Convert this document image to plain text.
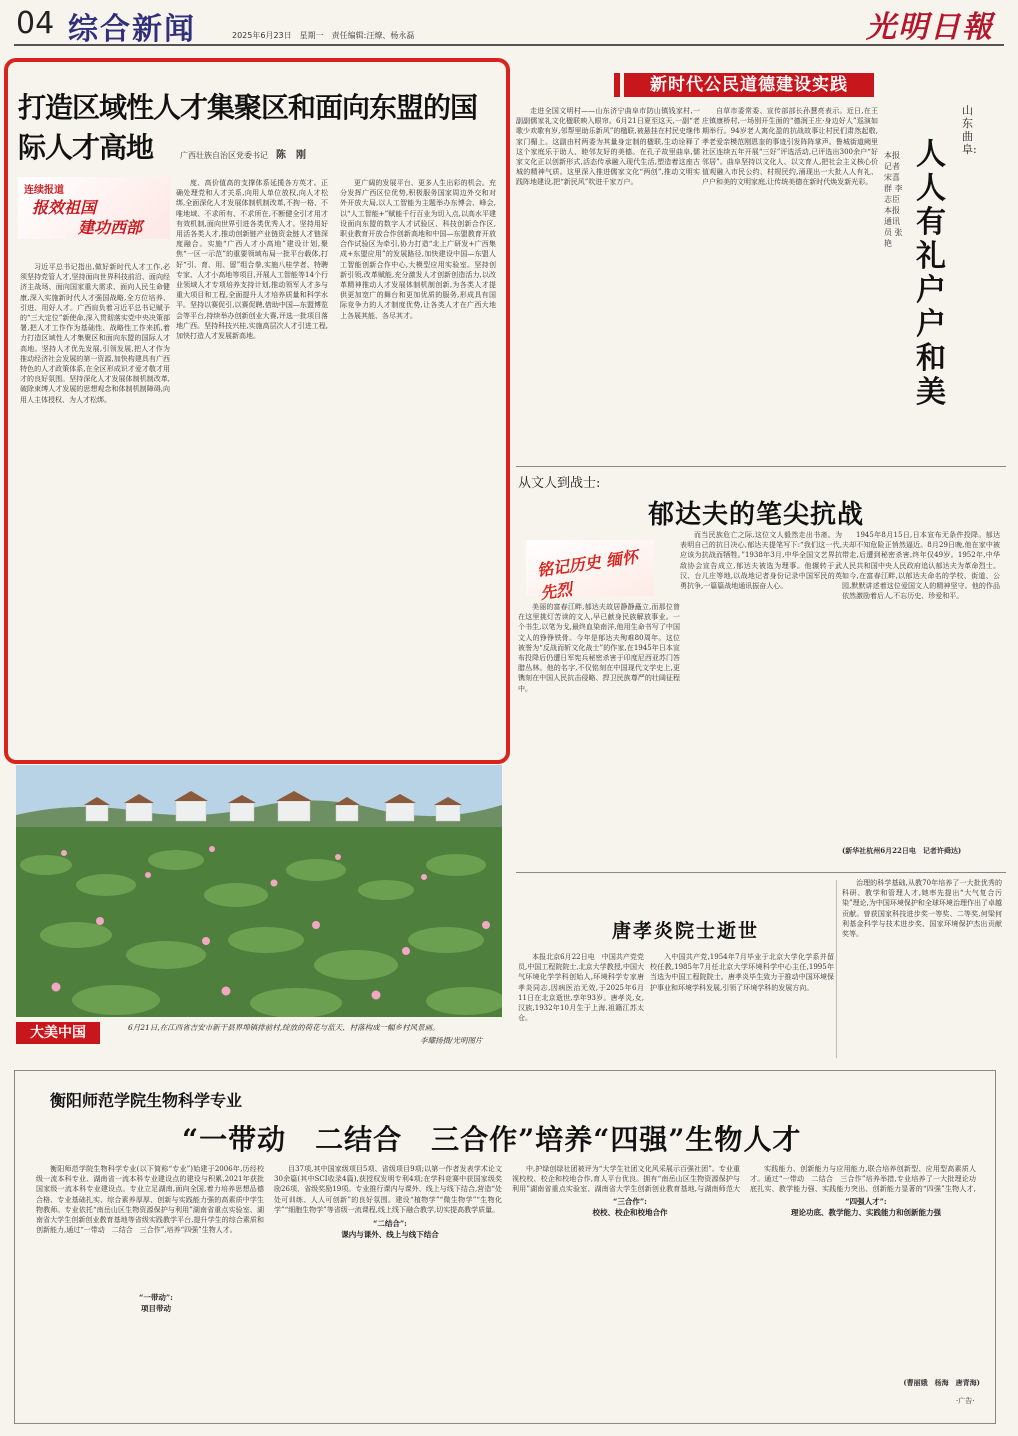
04 综合新闻	2025年6月23日　星期一　责任编辑:汪燎、杨永磊	光明日報
打造区域性人才集聚区和面向东盟的国际人才高地	广西壮族自治区党委书记 陈　刚
连续报道
报效祖国
建功西部

习近平总书记指出,做好新时代人才工作,必须坚持党管人才,坚持面向世界科技前沿、面向经济主战场、面向国家重大需求、面向人民生命健康,深入实施新时代人才强国战略,全方位培养、引进、用好人才。广西肩负着习近平总书记赋予的“三大定位”新使命,深入贯彻落实党中央决策部署,把人才工作作为基础性、战略性工作来抓,着力打造区域性人才集聚区和面向东盟的国际人才高地。坚持人才优先发展,引领发展,把人才作为推动经济社会发展的第一资源,加快构建具有广西特色的人才政策体系,在全区形成识才爱才敬才用才的良好氛围。坚持深化人才发展体制机制改革,破除束缚人才发展的思想观念和体制机制障碍,向用人主体授权、为人才松绑。

度、高价值高的支撑体系延揽各方英才。正确处理党和人才关系,向用人单位放权,向人才松绑,全面深化人才发展体制机制改革,不拘一格、不唯地域、不求所有、不求所在,不断健全引才用才有效机制,面向世界引进各类优秀人才。坚持用好用活各类人才,推动创新链产业链资金链人才链深度融合。实施“广西人才小高地”建设计划,聚焦“一区一示范”的重要领域布局一批平台载体,打好“引、育、用、留”组合拳,实施八桂学者、特聘专家、人才小高地等项目,开展人工智能等14个行业领域人才专项培养支持计划,推动领军人才多与重大项目和工程,全面提升人才培养质量和科学水平。坚持以赛促引,以赛促聘,借助中国—东盟博览会等平台,持续举办创新创业大赛,评选一批项目落地广西。坚持科技兴桂,实施高层次人才引进工程,加快打造人才发展新高地。

更广阔的发展平台、更多人生出彩的机会。充分发挥广西区位优势,积极服务国家周边外交和对外开放大局,以人工智能为主题举办东博会、峰会,以“人工智能+”赋能千行百业为切入点,以高水平建设面向东盟的数字人才试验区、科技创新合作区,职业教育开放合作创新高地和中国—东盟教育开放合作试验区为牵引,协力打造“北上广研发+广西集成+东盟应用”的发展路径,加快建设中国—东盟人工智能创新合作中心,大模型应用实验室。坚持创新引领,改革赋能,充分激发人才创新创造活力,以改革精神推动人才发展体制机制创新,为各类人才提供更加宽广的舞台和更加优质的服务,形成具有国际竞争力的人才制度优势,让各类人才在广西大地上各展其能、各尽其才。

新时代公民道德建设实践
山东曲阜:
人人有礼　户户和美
本报记者 宋喜群 李志臣 本报通讯员 张艳

走进全国文明村——山东济宁曲阜市防山镇钱家村,一副副儒家礼文化楹联映入眼帘。6月21日夏至这天,一副“老歌少欢歌有岁,邻帮里助乐新风”的楹联,被悬挂在村民史继伟家门楣上。这副由村两委为其量身定制的楹联,生动诠释了这个家庭乐于助人、睦邻友好的美德。在孔子故里曲阜,儒家文化正以创新形式,活态传承融入现代生活,塑造着这座古城的精神气质。这里深入推进儒家文化“两创”,推动文明实践阵地建设,把“新民风”吹进千家万户。

自草市委常委、宣传部部长孙慧亮表示。近日,在王庄镇康桥村,一场别开生面的“德润王庄·身边好人”巡演如期举行。94岁老人寓化盈的抗战故事让村民们肃然起敬,孝老爱亲模范刚恩奎的事迹引发阵阵掌声。鲁城街道阙里社区连续五年开展“三好”评选活动,已评选出300余户“好邻居”。曲阜坚持以文化人、以文育人,把社会主义核心价值观融入市民公约、村规民约,涌现出一大批人人有礼、户户和美的文明家庭,让传统美德在新时代焕发新光彩。

从文人到战士:
郁达夫的笔尖抗战
铭记历史 缅怀先烈

美丽的富春江畔,郁达夫故居静静矗立,而那位曾在这里挑灯苦读的文人,早已献身民族解放事业。一个书生,以笔为戈,最终血染南洋,他用生命书写了中国文人的铮铮铁骨。今年是郁达夫殉难80周年。这位被誉为“反战而斩文化战士”的作家,在1945年日本宣布投降后仍遭日军宪兵秘密杀害于印度尼西亚苏门答腊丛林。他的名字,不仅铭刻在中国现代文学史上,更镌刻在中国人民抗击侵略、捍卫民族尊严的壮阔征程中。

而当民族危亡之际,这位文人毅然走出书斋。为表明自己的抗日决心,郁达夫提笔写下:“我们这一代,应该为抗战而牺牲。”1938年3月,中华全国文艺界抗敌协会宣告成立,郁达夫被选为理事。他辗转于武汉、台儿庄等地,以战地记者身份记录中国军民的英勇抗争,一篇篇战地通讯振奋人心。

1945年8月15日,日本宣布无条件投降。郁达夫却不知危险正悄然逼近。8月29日晚,他在家中被带走,后遭到秘密杀害,终年仅49岁。1952年,中华人民共和国中央人民政府追认郁达夫为革命烈士。如今,在富春江畔,以郁达夫命名的学校、街道、公园,默默讲述着这位爱国文人的精神坚守。他的作品依然激励着后人,不忘历史、珍爱和平。

(新华社杭州6月22日电　记者许舜达)
唐孝炎院士逝世

本报北京6月22日电　中国共产党党员,中国工程院院士,北京大学教授,中国大气环境化学学科创始人,环境科学专家唐孝炎同志,因病医治无效,于2025年6月11日在北京逝世,享年93岁。唐孝炎,女,汉族,1932年10月生于上海,祖籍江苏太仓。

入中国共产党,1954年7月毕业于北京大学化学系并留校任教,1985年7月任北京大学环境科学中心主任,1995年当选为中国工程院院士。唐孝炎毕生致力于推动中国环境保护事业和环境学科发展,引领了环境学科的发展方向。

治理的科学基础,从教70年培养了一大批优秀的科研、教学和管理人才,她率先提出“大气复合污染”理论,为中国环境保护和全球环境治理作出了卓越贡献。曾获国家科技进步奖一等奖、二等奖,何梁何利基金科学与技术进步奖、国家环境保护杰出贡献奖等。

大美中国	6月21日,在江西省吉安市新干县界埠镇排前村,绽放的荷花与蓝天、村落构成一幅乡村风景画。
李耀扬摄/光明图片
衡阳师范学院生物科学专业
“一带动　二结合　三合作”培养“四强”生物人才

衡阳师范学院生物科学专业(以下简称“专业”)始建于2006年,历经校级一流本科专业、湖南省一流本科专业建设点的建设与积累,2021年获批国家级一流本科专业建设点。专业立足湖南,面向全国,着力培养思想品德合格、专业基础扎实、综合素养厚厚、创新与实践能力强的高素质中学生物教师。专业依托“南岳山区生物资源保护与利用”湖南省重点实验室、湖南省大学生创新创业教育基地等省级实践教学平台,提升学生的综合素质和创新能力,通过“一带动　二结合　三合作”,培养“四强”生物人才。

“一带动”:
项目带动

目37项,其中国家级项目5项、省级项目9项;以第一作者发表学术论文30余篇(其中SCI收录4篇),获授权发明专利4项;在学科竞赛中获国家级奖励26项、省级奖励19项。专业推行课内与课外、线上与线下结合,营造“处处可训练、人人可创新”的良好氛围。建设“植物学”“微生物学”“生物化学”“细胞生物学”等省级一流课程,线上线下融合教学,切实提高教学质量。

“二结合”:
课内与课外、线上与线下结合

中,护绿创绿社团被评为“大学生社团文化风采展示百强社团”。专业重视校校、校企和校地合作,育人平台优良。拥有“南岳山区生物资源保护与利用”湖南省重点实验室、湖南省大学生创新创业教育基地,与湖南师范大

“三合作”:
校校、校企和校地合作

实践能力、创新能力与应用能力,联合培养创新型、应用型高素质人才。通过“一带动　二结合　三合作”培养举措,专业培养了一大批理论功底扎实、教学能力强、实践能力突出、创新能力显著的“四强”生物人才,

“四强人才”:
理论功底、教学能力、实践能力和创新能力强
(曹丽娥　杨海　唐青海)
·广告·
